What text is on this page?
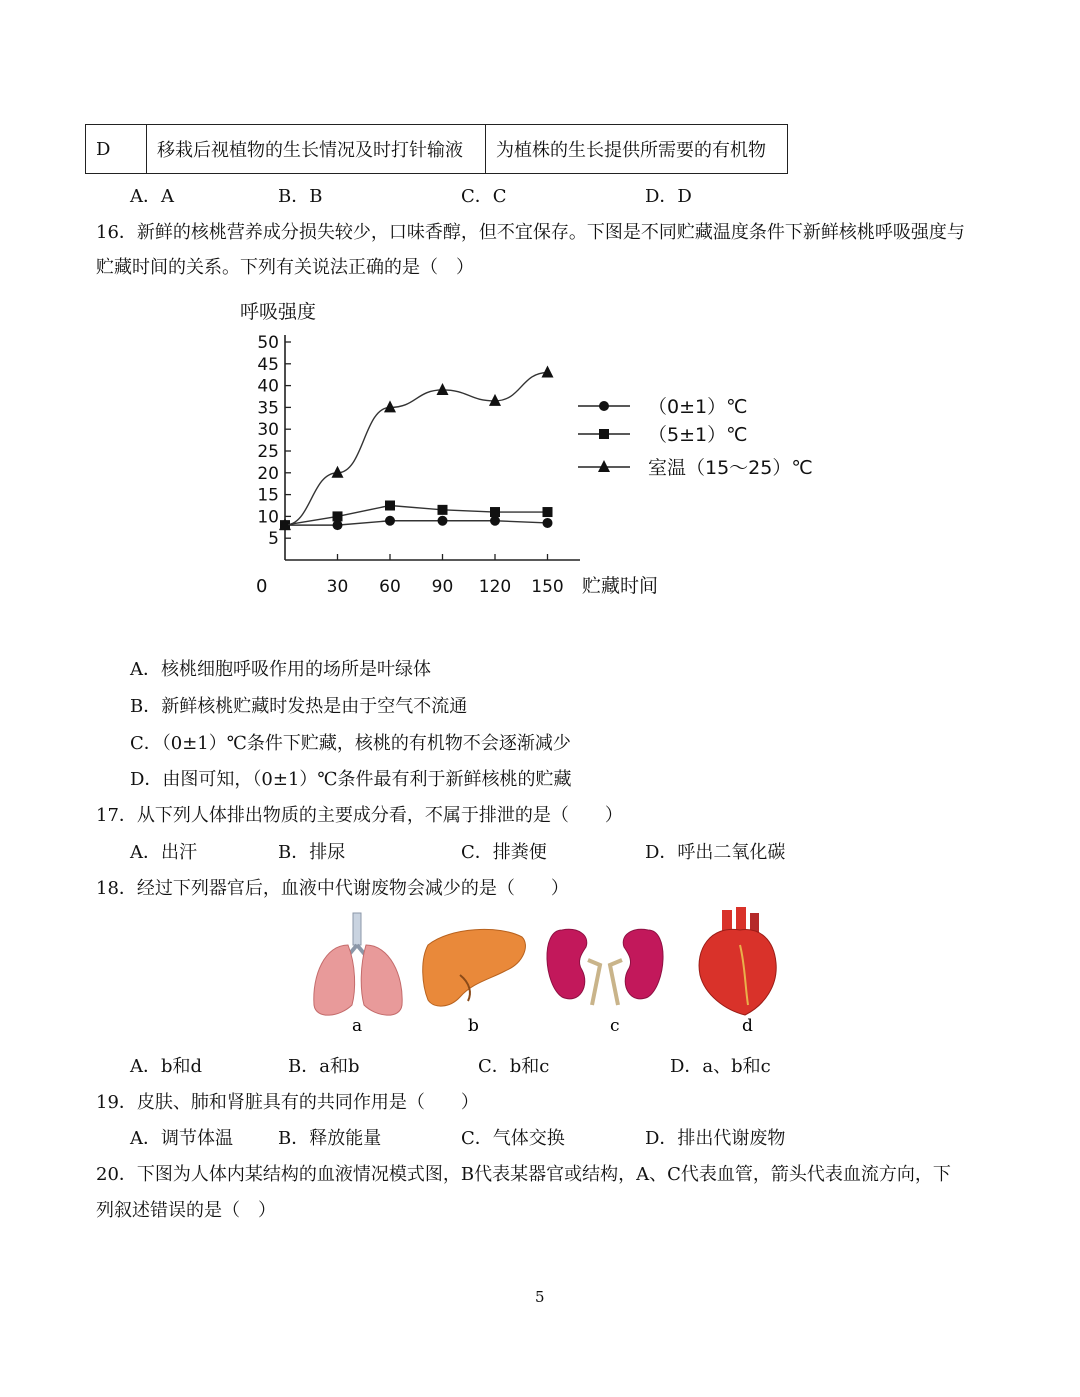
D	移栽后视植物的生长情况及时打针输液	为植株的生长提供所需要的有机物
A．A	B．B	C．C	D．D
16．新鲜的核桃营养成分损失较少，口味香醇，但不宜保存。下图是不同贮藏温度条件下新鲜核桃呼吸强度与
贮藏时间的关系。下列有关说法正确的是（　）
呼吸强度
0	贮藏时间
5
10
15
20
25
30
35
40
45
50
30 60 90 120 150
（0±1）℃
（5±1）℃
室温（15～25）℃
A．核桃细胞呼吸作用的场所是叶绿体
B．新鲜核桃贮藏时发热是由于空气不流通
C．（0±1）℃条件下贮藏，核桃的有机物不会逐渐减少
D．由图可知，（0±1）℃条件最有利于新鲜核桃的贮藏
17．从下列人体排出物质的主要成分看，不属于排泄的是（　　）
A．出汗	B．排尿	C．排粪便	D．呼出二氧化碳
18．经过下列器官后，血液中代谢废物会减少的是（　　）
a	b	c	d
A．b和d	B．a和b	C．b和c	D．a、b和c
19．皮肤、肺和肾脏具有的共同作用是（　　）
A．调节体温	B．释放能量	C．气体交换	D．排出代谢废物
20．下图为人体内某结构的血液情况模式图，B代表某器官或结构，A、C代表血管，箭头代表血流方向，下
列叙述错误的是（　）
5
